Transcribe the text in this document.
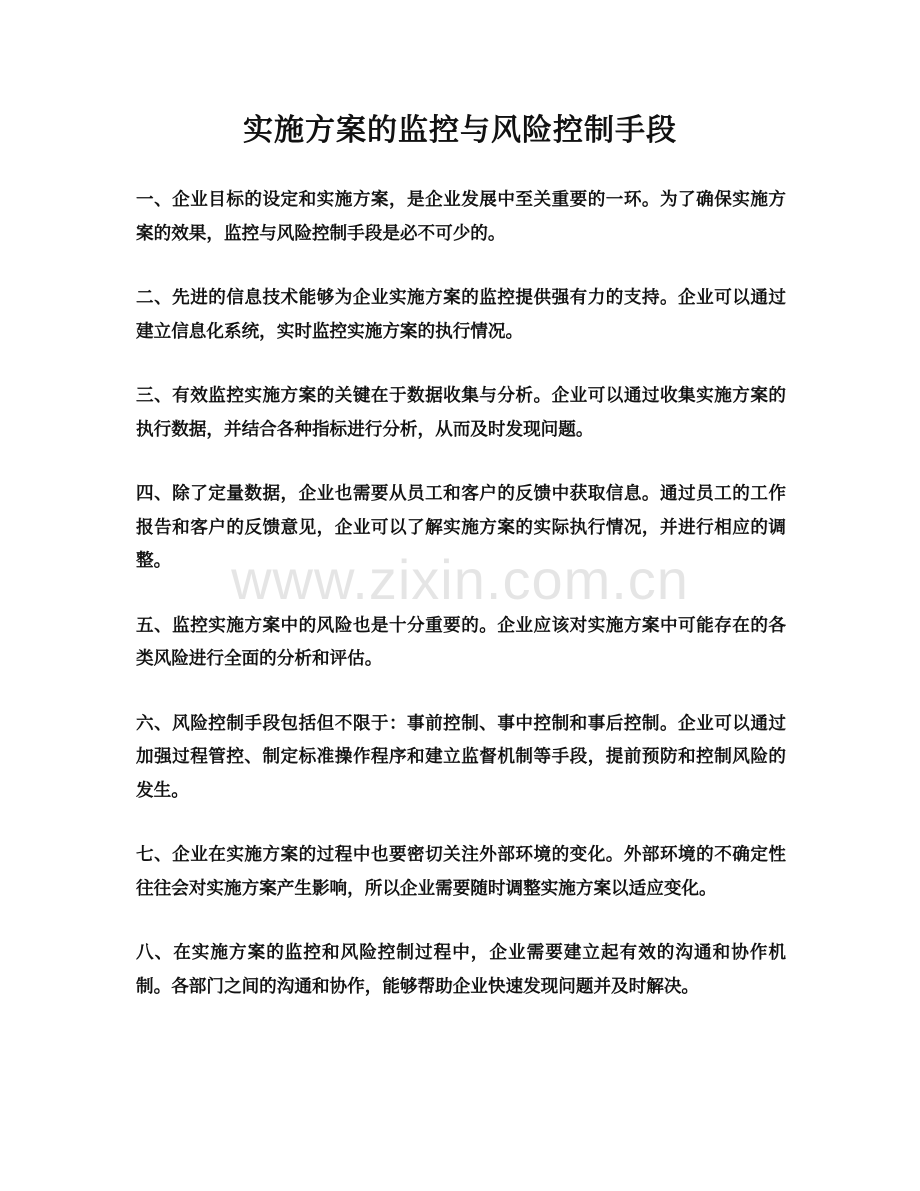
实施方案的监控与风险控制手段

一、企业目标的设定和实施方案，是企业发展中至关重要的一环。为了确保实施方案的效果，监控与风险控制手段是必不可少的。

二、先进的信息技术能够为企业实施方案的监控提供强有力的支持。企业可以通过建立信息化系统，实时监控实施方案的执行情况。

三、有效监控实施方案的关键在于数据收集与分析。企业可以通过收集实施方案的执行数据，并结合各种指标进行分析，从而及时发现问题。

四、除了定量数据，企业也需要从员工和客户的反馈中获取信息。通过员工的工作报告和客户的反馈意见，企业可以了解实施方案的实际执行情况，并进行相应的调整。

五、监控实施方案中的风险也是十分重要的。企业应该对实施方案中可能存在的各类风险进行全面的分析和评估。

六、风险控制手段包括但不限于：事前控制、事中控制和事后控制。企业可以通过加强过程管控、制定标准操作程序和建立监督机制等手段，提前预防和控制风险的发生。

七、企业在实施方案的过程中也要密切关注外部环境的变化。外部环境的不确定性往往会对实施方案产生影响，所以企业需要随时调整实施方案以适应变化。

八、在实施方案的监控和风险控制过程中，企业需要建立起有效的沟通和协作机制。各部门之间的沟通和协作，能够帮助企业快速发现问题并及时解决。

www.zixin.com.cn
